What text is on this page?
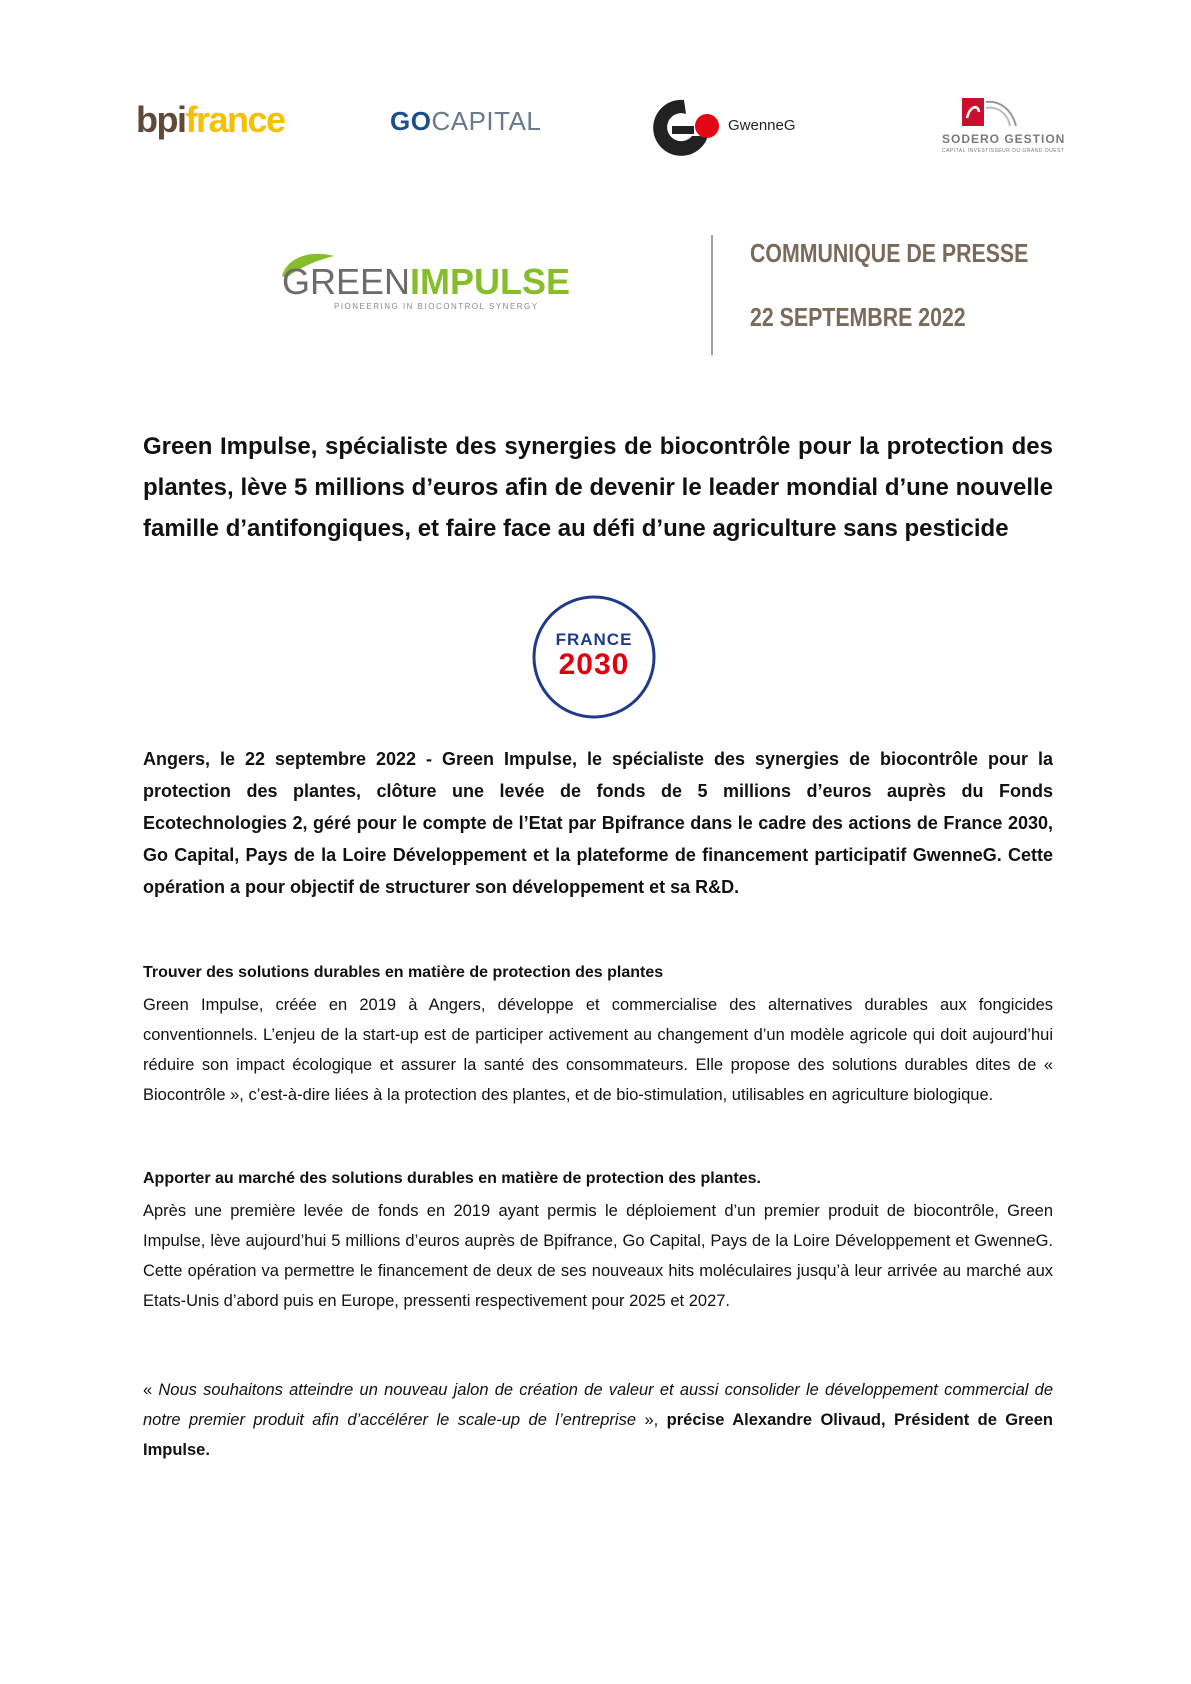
bpifrance	GOCAPITAL	GwenneG
SODERO GESTION
CAPITAL INVESTISSEUR DU GRAND OUEST
GREENIMPULSE
PIONEERING IN BIOCONTROL SYNERGY
COMMUNIQUE DE PRESSE
22 SEPTEMBRE 2022
Green Impulse, spécialiste des synergies de biocontrôle pour la protection des plantes, lève 5 millions d’euros afin de devenir le leader mondial d’une nouvelle famille d’antifongiques, et faire face au défi d’une agriculture sans pesticide
FRANCE
2030
Angers, le 22 septembre 2022 - Green Impulse, le spécialiste des synergies de biocontrôle pour la protection des plantes, clôture une levée de fonds de 5 millions d’euros auprès du Fonds Ecotechnologies 2, géré pour le compte de l’Etat par Bpifrance dans le cadre des actions de France 2030, Go Capital, Pays de la Loire Développement et la plateforme de financement participatif GwenneG. Cette opération a pour objectif de structurer son développement et sa R&D.
Trouver des solutions durables en matière de protection des plantes
Green Impulse, créée en 2019 à Angers, développe et commercialise des alternatives durables aux fongicides conventionnels. L’enjeu de la start-up est de participer activement au changement d’un modèle agricole qui doit aujourd’hui réduire son impact écologique et assurer la santé des consommateurs. Elle propose des solutions durables dites de « Biocontrôle », c’est-à-dire liées à la protection des plantes, et de bio-stimulation, utilisables en agriculture biologique.
Apporter au marché des solutions durables en matière de protection des plantes.
Après une première levée de fonds en 2019 ayant permis le déploiement d’un premier produit de biocontrôle, Green Impulse, lève aujourd’hui 5 millions d’euros auprès de Bpifrance, Go Capital, Pays de la Loire Développement et GwenneG. Cette opération va permettre le financement de deux de ses nouveaux hits moléculaires jusqu’à leur arrivée au marché aux Etats-Unis d’abord puis en Europe, pressenti respectivement pour 2025 et 2027.
« Nous souhaitons atteindre un nouveau jalon de création de valeur et aussi consolider le développement commercial de notre premier produit afin d’accélérer le scale-up de l’entreprise », précise Alexandre Olivaud, Président de Green Impulse.
